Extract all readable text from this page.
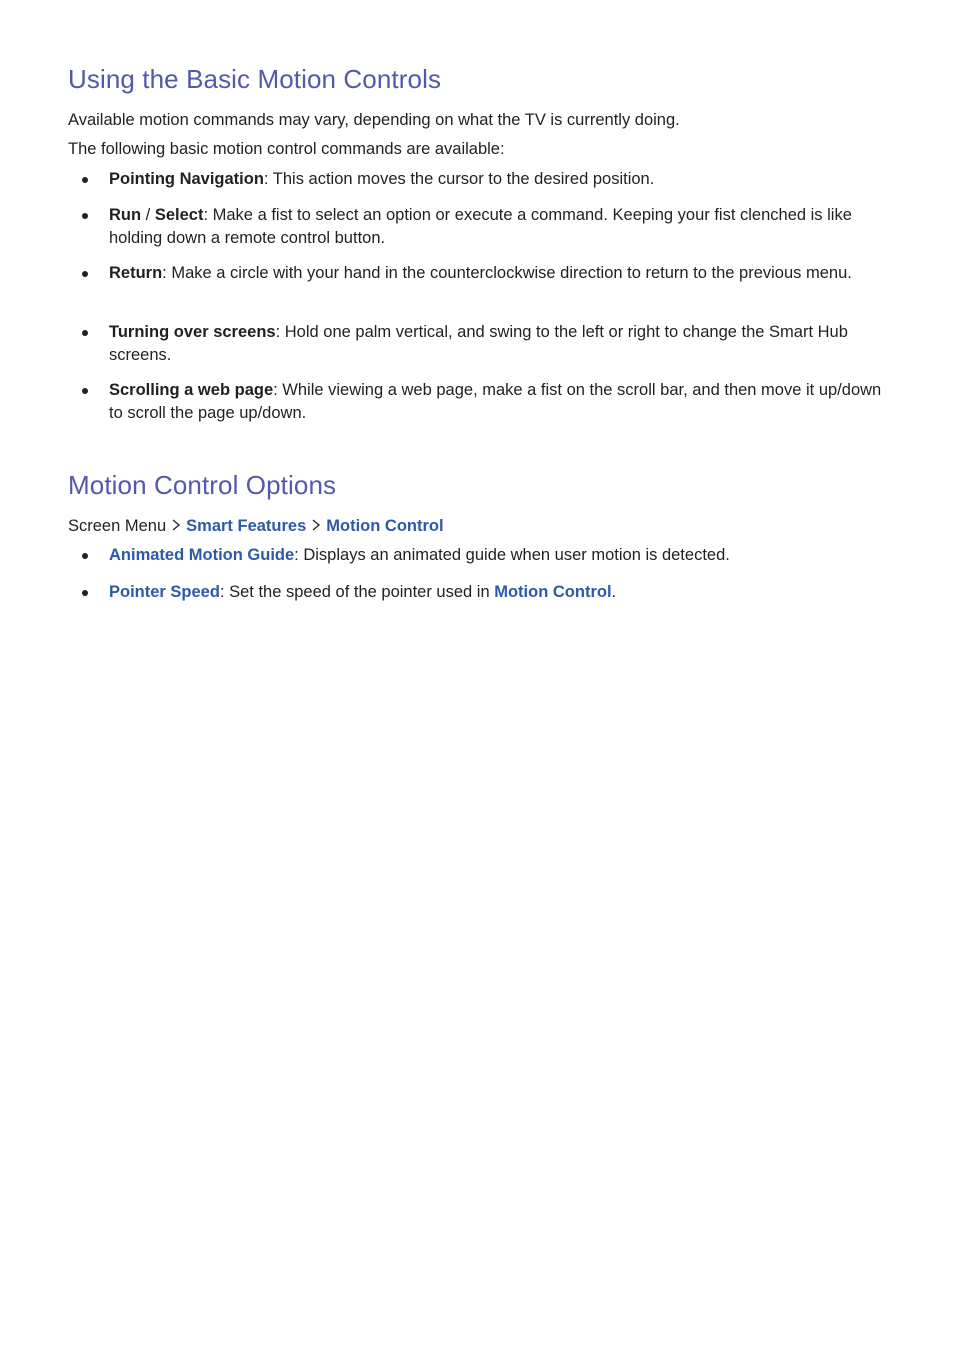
Using the Basic Motion Controls
Available motion commands may vary, depending on what the TV is currently doing.
The following basic motion control commands are available:
Pointing Navigation: This action moves the cursor to the desired position.
Run / Select: Make a fist to select an option or execute a command. Keeping your fist clenched is like holding down a remote control button.
Return: Make a circle with your hand in the counterclockwise direction to return to the previous menu.
Turning over screens: Hold one palm vertical, and swing to the left or right to change the Smart Hub screens.
Scrolling a web page: While viewing a web page, make a fist on the scroll bar, and then move it up/down to scroll the page up/down.
Motion Control Options
Screen Menu Smart Features Motion Control
Animated Motion Guide: Displays an animated guide when user motion is detected.
Pointer Speed: Set the speed of the pointer used in Motion Control.
